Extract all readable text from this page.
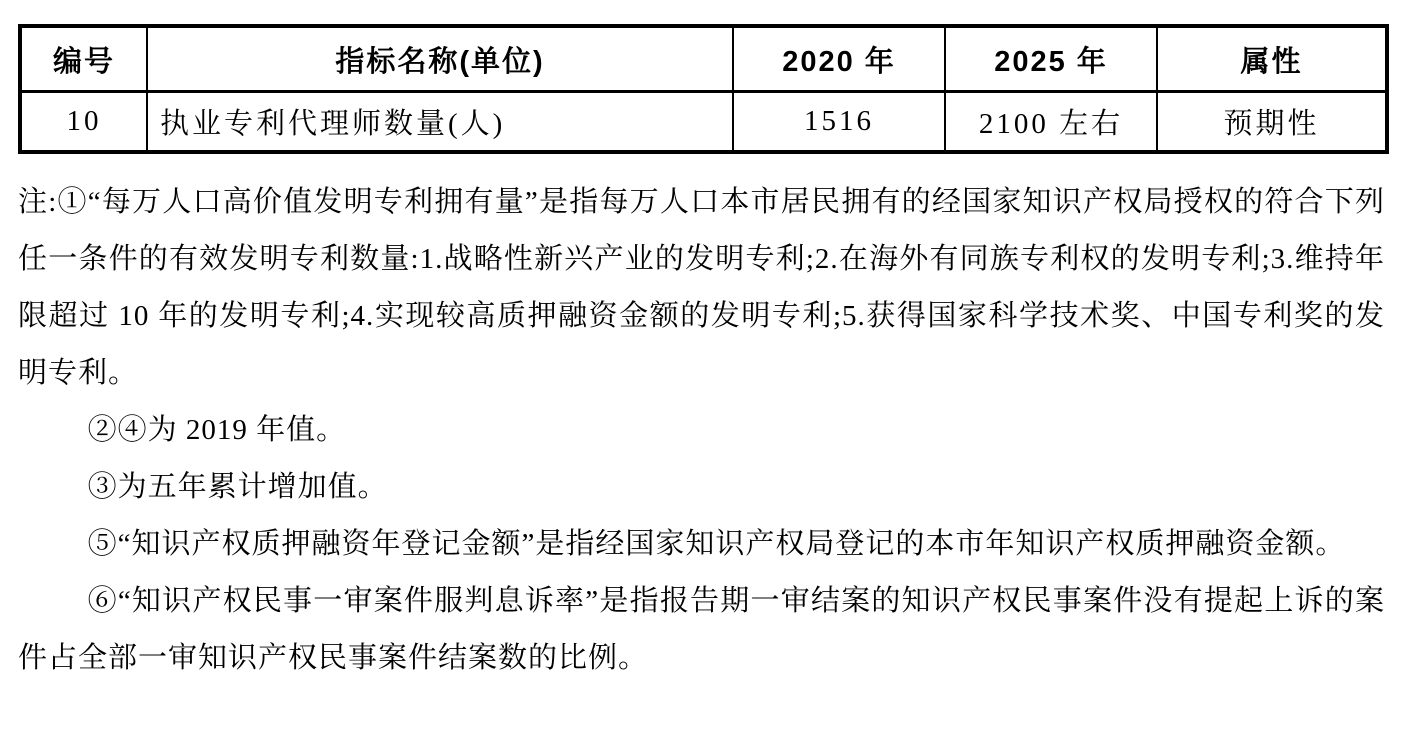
编号	指标名称(单位)	2020 年	2025 年	属性
10	执业专利代理师数量(人)	1516	2100 左右	预期性

注:①“每万人口高价值发明专利拥有量”是指每万人口本市居民拥有的经国家知识产权局授权的符合下列任一条件的有效发明专利数量:1.战略性新兴产业的发明专利;2.在海外有同族专利权的发明专利;3.维持年限超过 10 年的发明专利;4.实现较高质押融资金额的发明专利;5.获得国家科学技术奖、中国专利奖的发明专利。

②④为 2019 年值。

③为五年累计增加值。

⑤“知识产权质押融资年登记金额”是指经国家知识产权局登记的本市年知识产权质押融资金额。

⑥“知识产权民事一审案件服判息诉率”是指报告期一审结案的知识产权民事案件没有提起上诉的案件占全部一审知识产权民事案件结案数的比例。
